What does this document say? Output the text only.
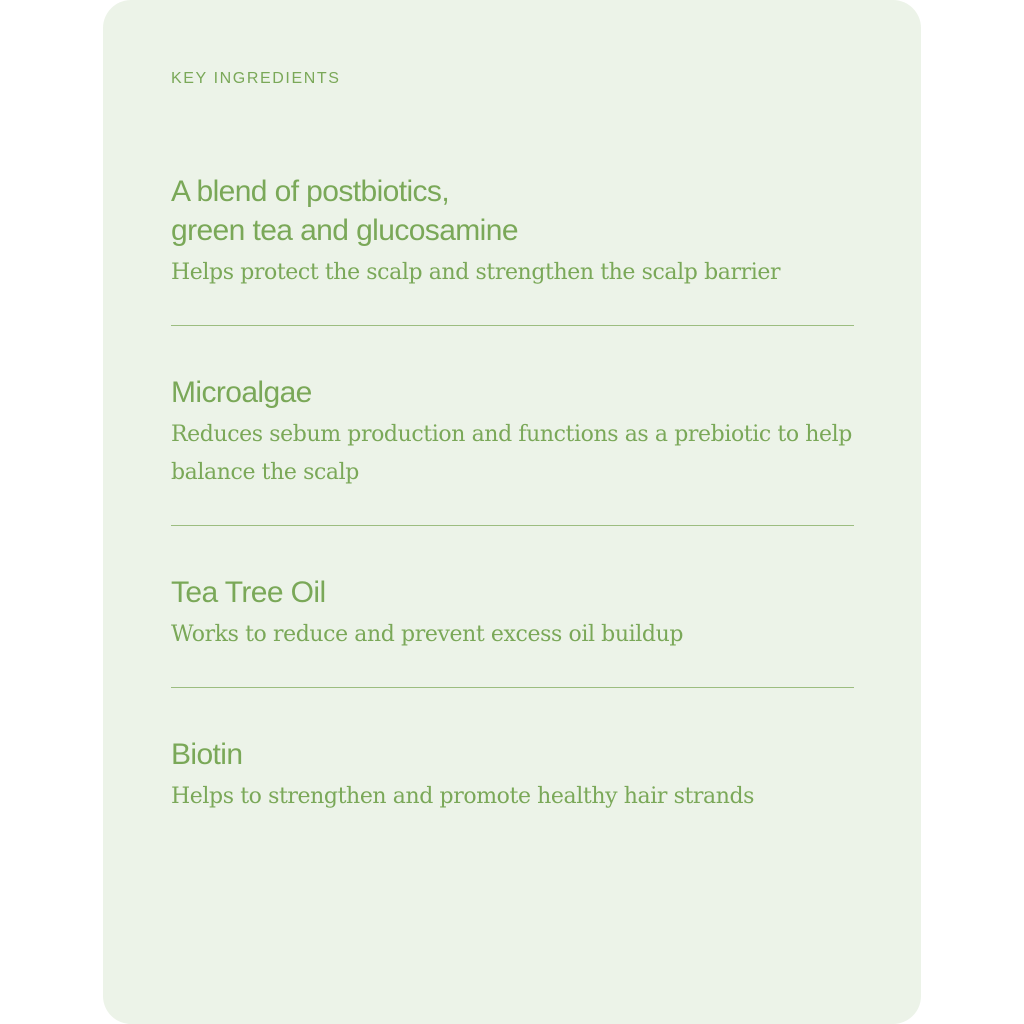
KEY INGREDIENTS

A blend of postbiotics,
green tea and glucosamine

Helps protect the scalp and strengthen the scalp barrier

Microalgae

Reduces sebum production and functions as a prebiotic to help balance the scalp

Tea Tree Oil

Works to reduce and prevent excess oil buildup

Biotin

Helps to strengthen and promote healthy hair strands
